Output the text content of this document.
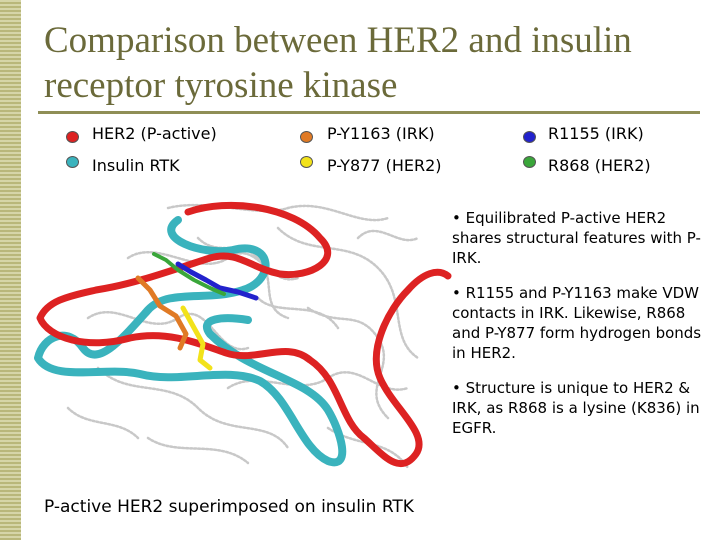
Comparison between HER2 and insulin receptor tyrosine kinase
HER2 (P-active)
Insulin RTK
P-Y1163 (IRK)
P-Y877 (HER2)
R1155 (IRK)
R868 (HER2)

• Equilibrated P-active HER2 shares structural features with P-IRK.

• R1155 and P-Y1163 make VDW contacts in IRK. Likewise, R868 and P-Y877 form hydrogen bonds in HER2.

• Structure is unique to HER2 & IRK, as R868 is a lysine (K836) in EGFR.

P-active HER2 superimposed on insulin RTK
